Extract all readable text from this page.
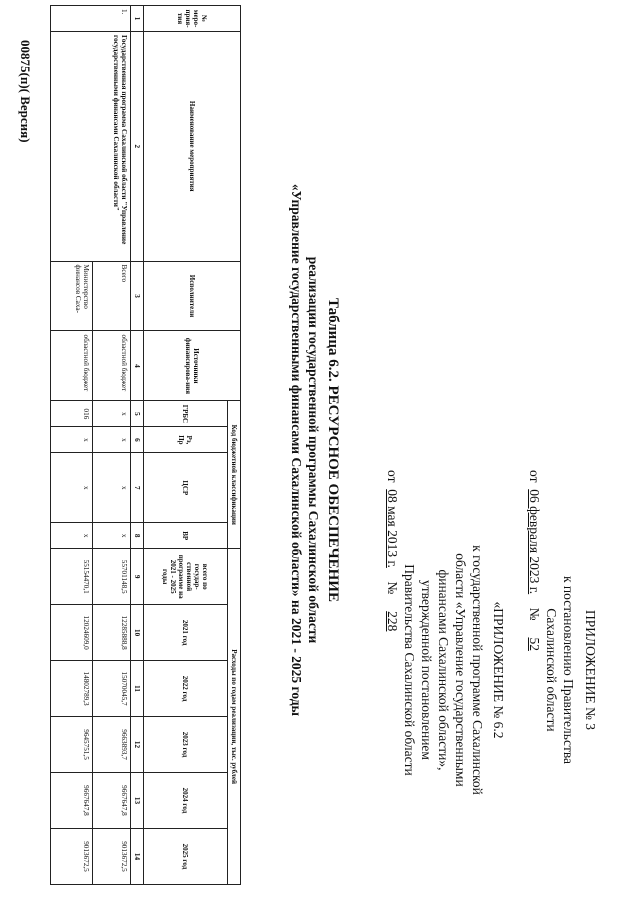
ПРИЛОЖЕНИЕ № 3
к постановлению Правительства
Сахалинской области
от  06 февраля 2023 г.    №     52
«ПРИЛОЖЕНИЕ № 6.2
к государственной программе Сахалинской
области «Управление государственными
финансами Сахалинской области»,
утвержденной постановлением
Правительства Сахалинской области
от  08 мая 2013 г.    №     228
Таблица 6.2. РЕСУРСНОЕ ОБЕСПЕЧЕНИЕ
реализации государственной программы Сахалинской области
«Управление государственными финансами Сахалинской области» на 2021 - 2025 годы
№ меро-прия-тия	Наименование мероприятия	Исполнители	Источники финансирова-ния	Код бюджетной классификации				Расходы по годам реализации, тыс. рублей					
				ГРБС	Рз, Пр	ЦСР	ВР	всего по государ-ственной программе на 2021 - 2025 годы	2021 год	2022 год	2023 год	2024 год	2025 год
1	2	3	4	5	6	7	8	9	10	11	12	13	14
1.	Государственная программа Сахалинской области "Управление государственными финансами Сахалинской области"	Всего	областной бюджет	х	х	х	х	55701148,5	12285888,8	15070045,7	9663893,7	9667647,8	9013672,5
		Министерство финансов Саха-	областной бюджет	016	х	х	х	55154470,1	12024609,0	14802789,3	9645751,5	9667647,8	9013672,5
00875(п)( Версия)
